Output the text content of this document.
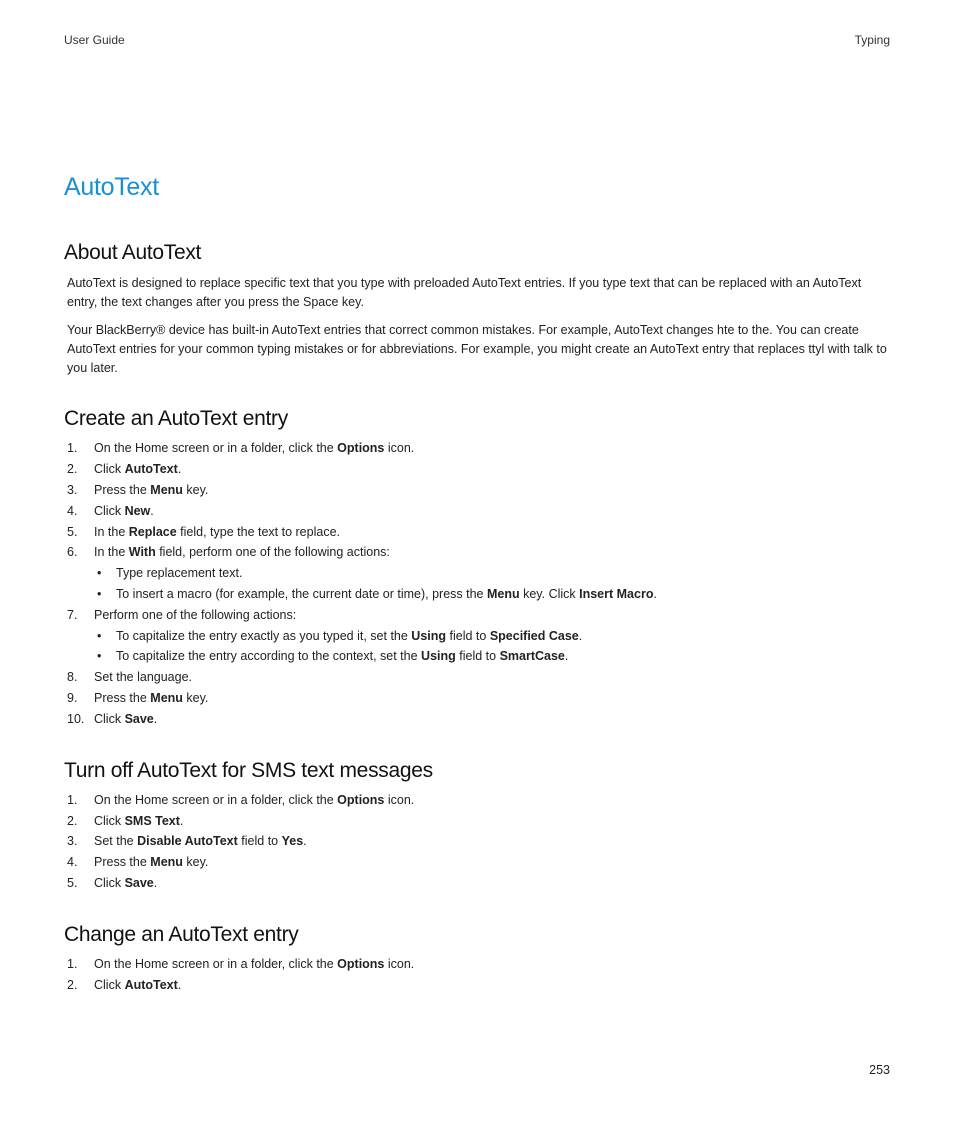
User Guide	Typing
AutoText
About AutoText

AutoText is designed to replace specific text that you type with preloaded AutoText entries. If you type text that can be replaced with an AutoText entry, the text changes after you press the Space key.

Your BlackBerry® device has built-in AutoText entries that correct common mistakes. For example, AutoText changes hte to the. You can create AutoText entries for your common typing mistakes or for abbreviations. For example, you might create an AutoText entry that replaces ttyl with talk to you later.

Create an AutoText entry
1. On the Home screen or in a folder, click the Options icon.
2. Click AutoText.
3. Press the Menu key.
4. Click New.
5. In the Replace field, type the text to replace.
6. In the With field, perform one of the following actions:
• Type replacement text.
• To insert a macro (for example, the current date or time), press the Menu key. Click Insert Macro.
7. Perform one of the following actions:
• To capitalize the entry exactly as you typed it, set the Using field to Specified Case.
• To capitalize the entry according to the context, set the Using field to SmartCase.
8. Set the language.
9. Press the Menu key.
10. Click Save.
Turn off AutoText for SMS text messages
1. On the Home screen or in a folder, click the Options icon.
2. Click SMS Text.
3. Set the Disable AutoText field to Yes.
4. Press the Menu key.
5. Click Save.
Change an AutoText entry
1. On the Home screen or in a folder, click the Options icon.
2. Click AutoText.
253
